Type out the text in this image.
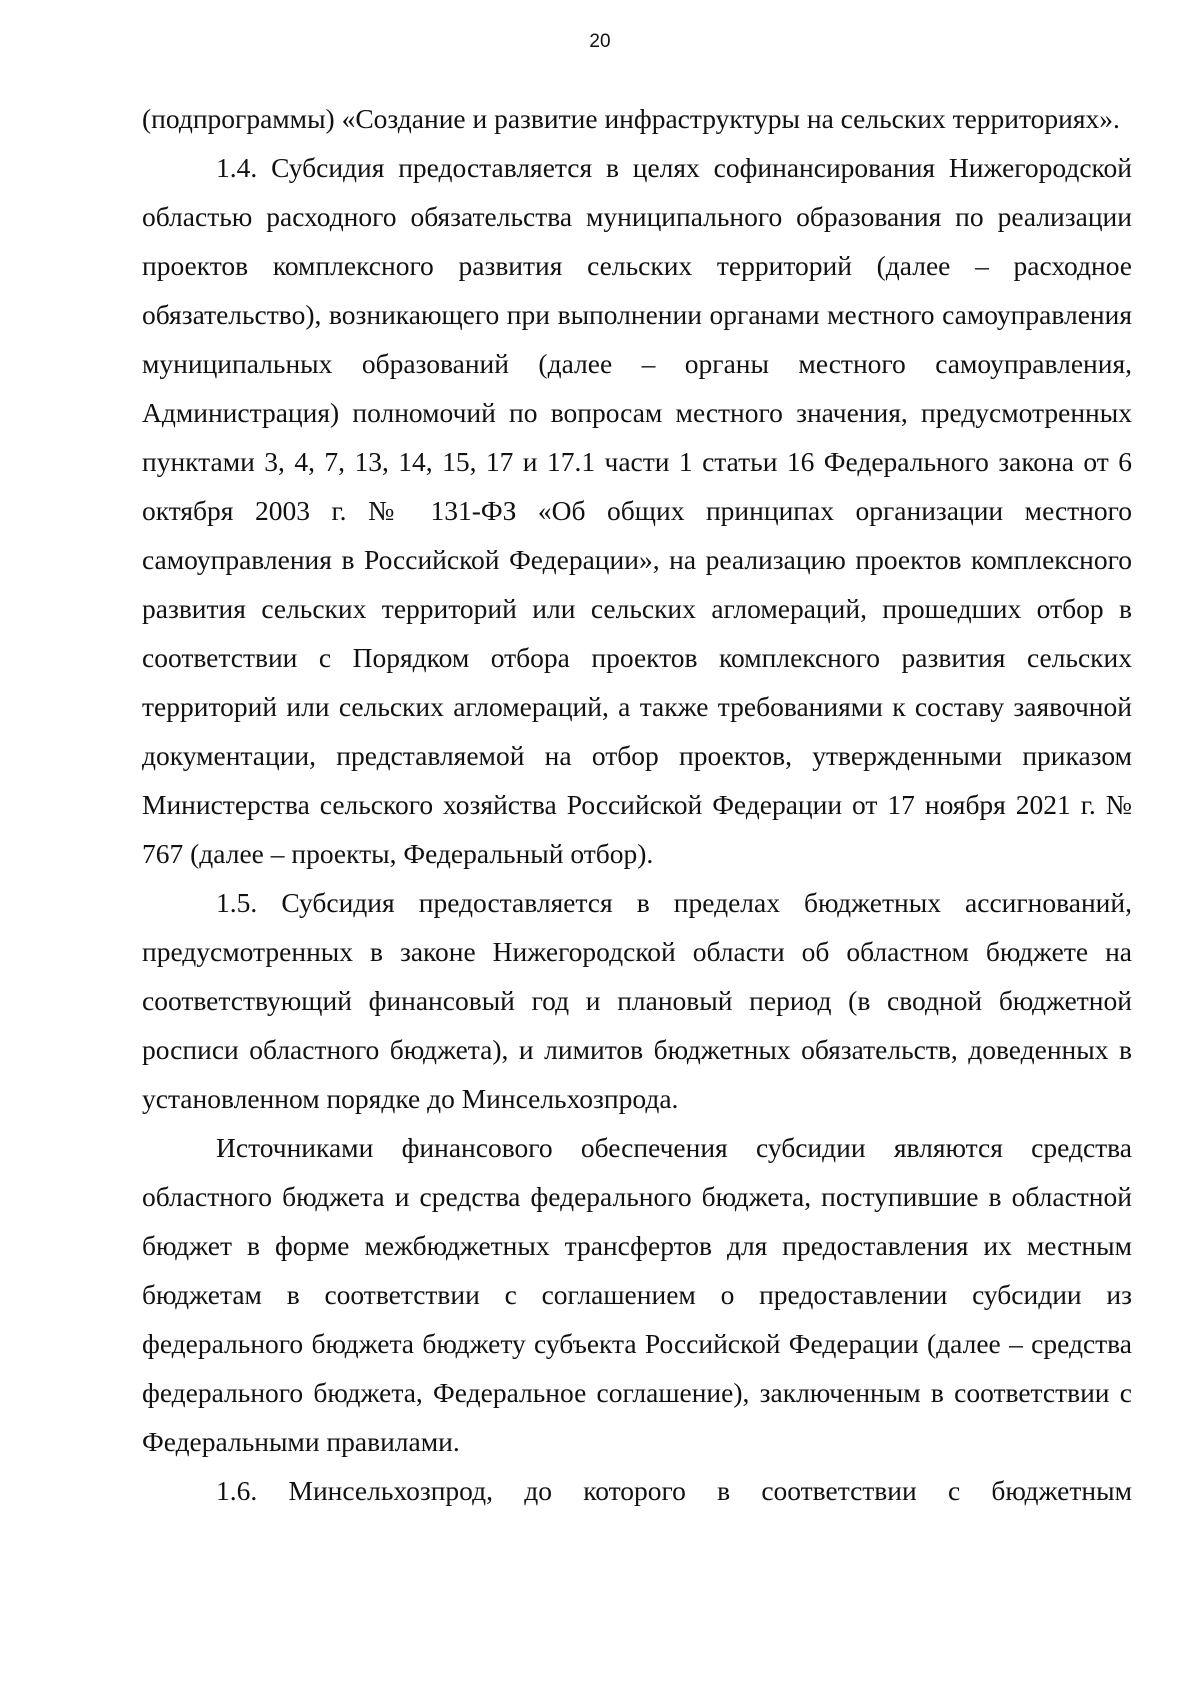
20

(подпрограммы) «Создание и развитие инфраструктуры на сельских территориях».

1.4. Субсидия предоставляется в целях софинансирования Нижегородской областью расходного обязательства муниципального образования по реализации проектов комплексного развития сельских территорий (далее – расходное обязательство), возникающего при выполнении органами местного самоуправления муниципальных образований (далее – органы местного самоуправления, Администрация) полномочий по вопросам местного значения, предусмотренных пунктами 3, 4, 7, 13, 14, 15, 17 и 17.1 части 1 статьи 16 Федерального закона от 6 октября 2003 г. № 131-ФЗ «Об общих принципах организации местного самоуправления в Российской Федерации», на реализацию проектов комплексного развития сельских территорий или сельских агломераций, прошедших отбор в соответствии с Порядком отбора проектов комплексного развития сельских территорий или сельских агломераций, а также требованиями к составу заявочной документации, представляемой на отбор проектов, утвержденными приказом Министерства сельского хозяйства Российской Федерации от 17 ноября 2021 г. № 767 (далее – проекты, Федеральный отбор).

1.5. Субсидия предоставляется в пределах бюджетных ассигнований, предусмотренных в законе Нижегородской области об областном бюджете на соответствующий финансовый год и плановый период (в сводной бюджетной росписи областного бюджета), и лимитов бюджетных обязательств, доведенных в установленном порядке до Минсельхозпрода.

Источниками финансового обеспечения субсидии являются средства областного бюджета и средства федерального бюджета, поступившие в областной бюджет в форме межбюджетных трансфертов для предоставления их местным бюджетам в соответствии с соглашением о предоставлении субсидии из федерального бюджета бюджету субъекта Российской Федерации (далее – средства федерального бюджета, Федеральное соглашение), заключенным в соответствии с Федеральными правилами.

1.6. Минсельхозпрод, до которого в соответствии с бюджетным
